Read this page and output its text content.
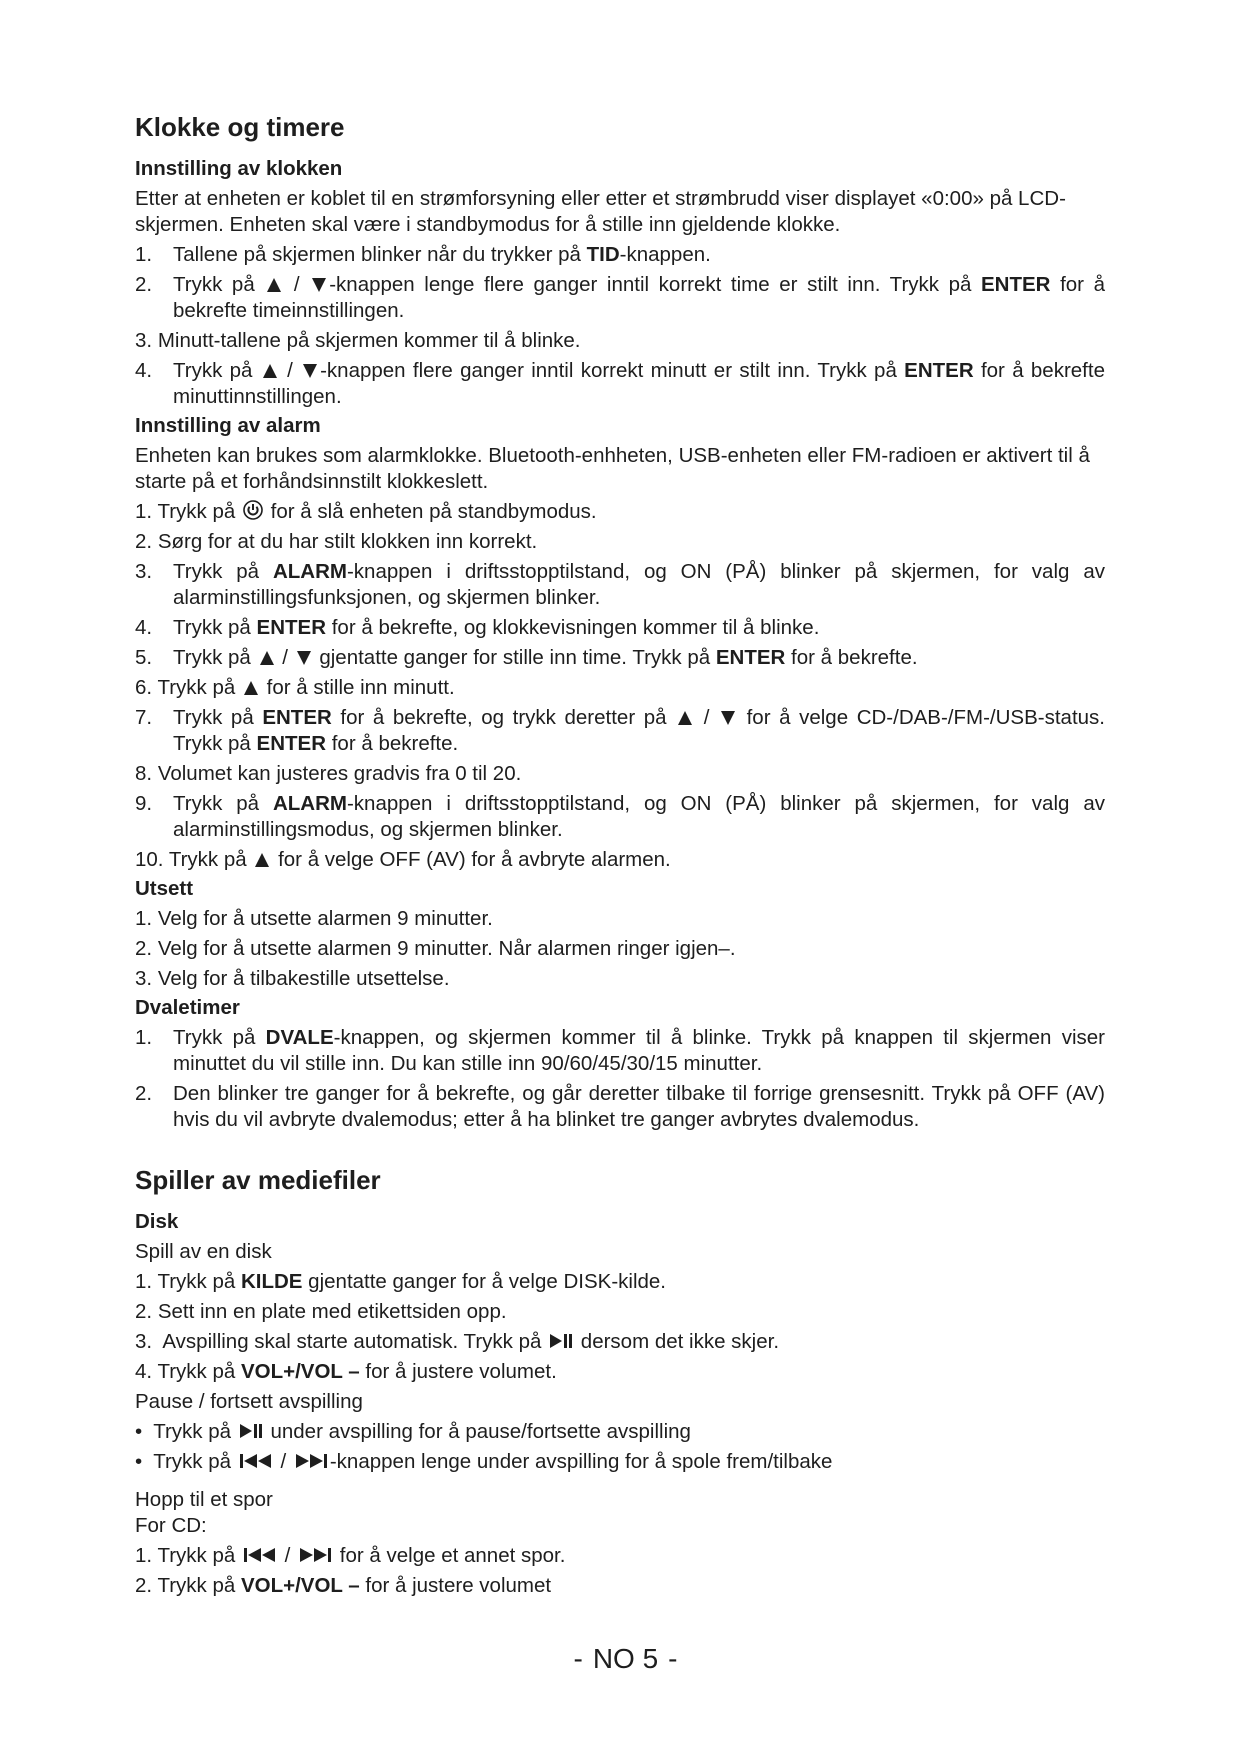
Klokke og timere
Innstilling av klokken

Etter at enheten er koblet til en strømforsyning eller etter et strømbrudd viser displayet «0:00» på LCD-skjermen. Enheten skal være i standbymodus for å stille inn gjeldende klokke.

1. Tallene på skjermen blinker når du trykker på TID-knappen.
2. Trykk på  / -knappen lenge flere ganger inntil korrekt time er stilt inn. Trykk på ENTER for å bekrefte timeinnstillingen.
3. Minutt-tallene på skjermen kommer til å blinke.
4. Trykk på  / -knappen flere ganger inntil korrekt minutt er stilt inn. Trykk på ENTER for å bekrefte minuttinnstillingen.
Innstilling av alarm

Enheten kan brukes som alarmklokke. Bluetooth-enhheten, USB-enheten eller FM-radioen er aktivert til å starte på et forhåndsinnstilt klokkeslett.

1. Trykk på  for å slå enheten på standbymodus.
2. Sørg for at du har stilt klokken inn korrekt.
3. Trykk på ALARM-knappen i driftsstopptilstand, og ON (PÅ) blinker på skjermen, for valg av alarminstillingsfunksjonen, og skjermen blinker.
4. Trykk på ENTER for å bekrefte, og klokkevisningen kommer til å blinke.
5. Trykk på  /  gjentatte ganger for stille inn time. Trykk på ENTER for å bekrefte.
6. Trykk på  for å stille inn minutt.
7. Trykk på ENTER for å bekrefte, og trykk deretter på  /  for å velge CD-/DAB-/FM-/USB-status. Trykk på ENTER for å bekrefte.
8. Volumet kan justeres gradvis fra 0 til 20.
9. Trykk på ALARM-knappen i driftsstopptilstand, og ON (PÅ) blinker på skjermen, for valg av alarminstillingsmodus, og skjermen blinker.
10. Trykk på  for å velge OFF (AV) for å avbryte alarmen.
Utsett
1. Velg for å utsette alarmen 9 minutter.
2. Velg for å utsette alarmen 9 minutter. Når alarmen ringer igjen–.
3. Velg for å tilbakestille utsettelse.
Dvaletimer
1. Trykk på DVALE-knappen, og skjermen kommer til å blinke. Trykk på knappen til skjermen viser minuttet du vil stille inn. Du kan stille inn 90/60/45/30/15 minutter.
2. Den blinker tre ganger for å bekrefte, og går deretter tilbake til forrige grensesnitt. Trykk på OFF (AV) hvis du vil avbryte dvalemodus; etter å ha blinket tre ganger avbrytes dvalemodus.
Spiller av mediefiler
Disk

Spill av en disk

1. Trykk på KILDE gjentatte ganger for å velge DISK-kilde.
2. Sett inn en plate med etikettsiden opp.
3. Avspilling skal starte automatisk. Trykk på  dersom det ikke skjer.
4. Trykk på VOL+/VOL – for å justere volumet.

Pause / fortsett avspilling

• Trykk på  under avspilling for å pause/fortsette avspilling
• Trykk på  / -knappen lenge under avspilling for å spole frem/tilbake

Hopp til et spor

For CD:

1. Trykk på  /  for å velge et annet spor.
2. Trykk på VOL+/VOL – for å justere volumet
- NO 5 -
